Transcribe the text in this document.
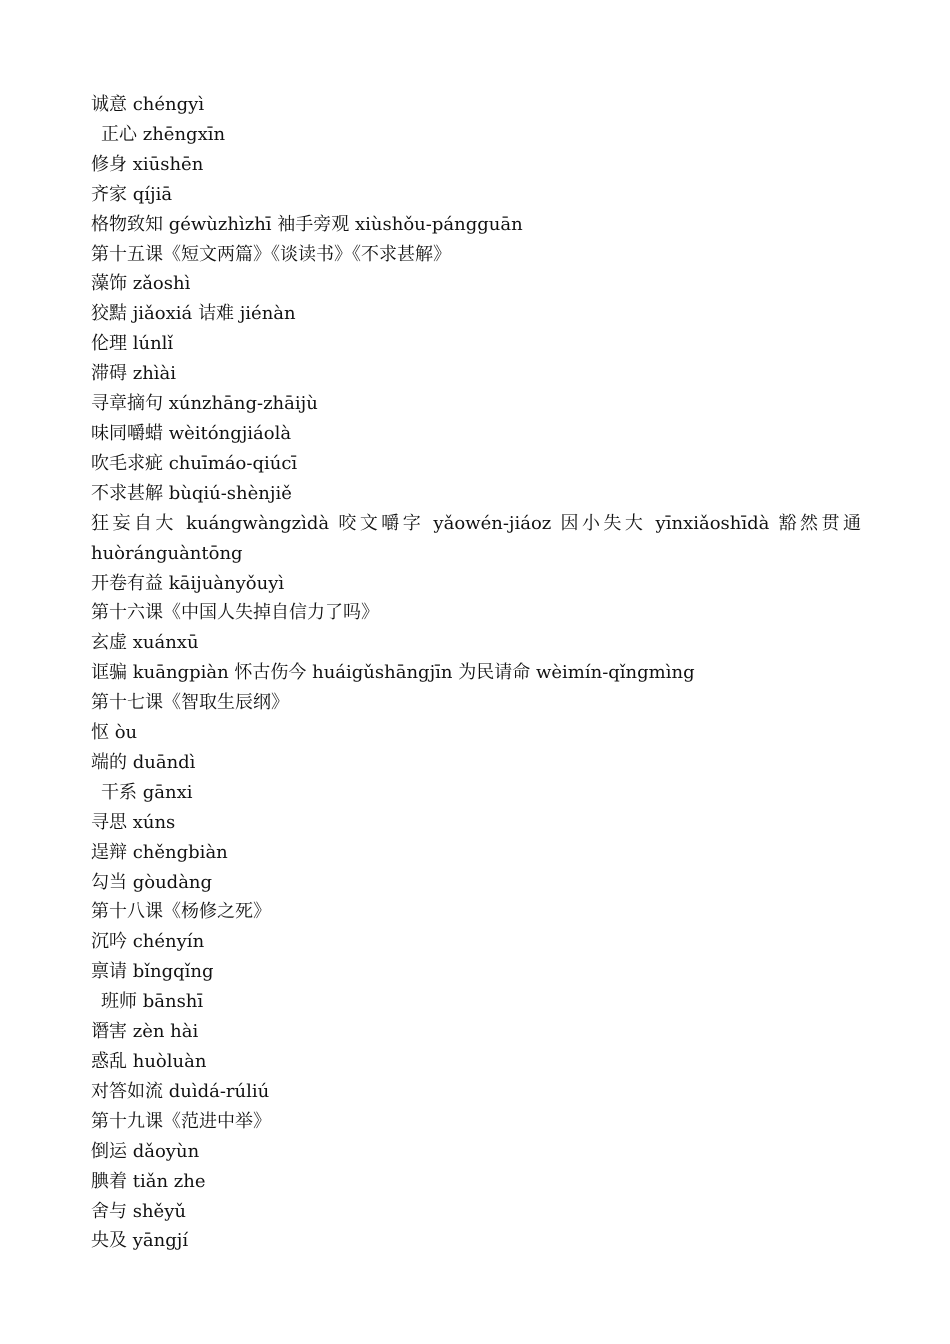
诚意 chéngyì
正心 zhēngxīn
修身 xiūshēn
齐家 qíjiā
格物致知 géwùzhìzhī 袖手旁观 xiùshǒu-pángguān
第十五课《短文两篇》《谈读书》《不求甚解》
藻饰 zǎoshì
狡黠 jiǎoxiá 诘难 jiénàn
伦理 lúnlǐ
滞碍 zhìài
寻章摘句 xúnzhāng-zhāijù
味同嚼蜡 wèitóngjiáolà
吹毛求疵 chuīmáo-qiúcī
不求甚解 bùqiú-shènjiě
狂妄自大 kuángwàngzìdà 咬文嚼字 yǎowén-jiáoz 因小失大 yīnxiǎoshīdà 豁然贯通 huòránguàntōng
开卷有益 kāijuànyǒuyì
第十六课《中国人失掉自信力了吗》
玄虚 xuánxū
诓骗 kuāngpiàn 怀古伤今 huáigǔshāngjīn 为民请命 wèimín-qǐngmìng
第十七课《智取生辰纲》
怄 òu
端的 duāndì
干系 gānxi
寻思 xúns
逞辩 chěngbiàn
勾当 gòudàng
第十八课《杨修之死》
沉吟 chényín
禀请 bǐngqǐng
班师 bānshī
谮害 zèn hài
惑乱 huòluàn
对答如流 duìdá-rúliú
第十九课《范进中举》
倒运 dǎoyùn
腆着 tiǎn zhe
舍与 shěyǔ
央及 yāngjí
